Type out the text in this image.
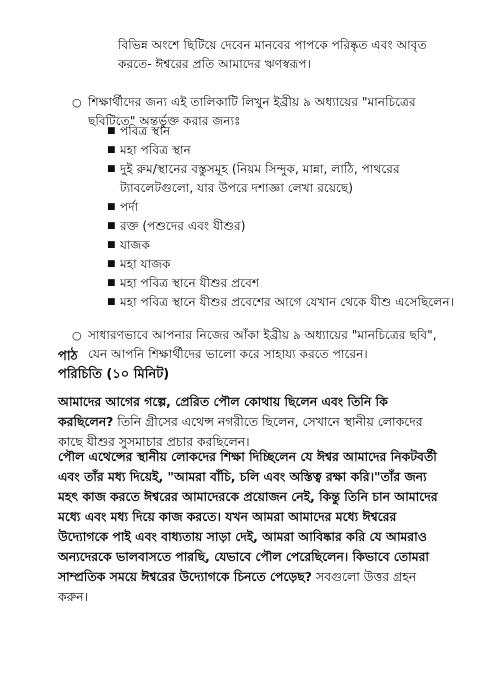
বিভিন্ন অংশে ছিটিয়ে দেবেন মানবের পাপকে পরিষ্কৃত এবং আবৃত করতে- ঈশ্বরের প্রতি আমাদের ঋণস্বরূপ।
○ শিক্ষার্থীদের জন্য এই তালিকাটি লিখুন ইব্রীয় ৯ অধ্যায়ের "মানচিত্রের ছবিটিতে" অন্তর্ভুক্ত করার জন্যঃ
■ পবিত্র স্থান
■ মহা পবিত্র স্থান
■ দুই রুম/স্থানের বস্তুসমূহ (নিয়ম সিন্দুক, মান্না, লাঠি, পাথরের ট্যাবলেটগুলো, যার উপরে দশাজ্ঞা লেখা রয়েছে)
■ পর্দা
■ রক্ত (পশুদের এবং যীশুর)
■ যাজক
■ মহা যাজক
■ মহা পবিত্র স্থানে যীশুর প্রবেশ
■ মহা পবিত্র স্থানে যীশুর প্রবেশের আগে যেখান থেকে যীশু এসেছিলেন।
○ সাধারণভাবে আপনার নিজের আঁকা ইব্রীয় ৯ অধ্যায়ের "মানচিত্রের ছবি", যেন আপনি শিক্ষার্থীদের ভালো করে সাহায্য করতে পারেন।
পাঠ
পরিচিতি (১০ মিনিট)
আমাদের আগের গল্পে, প্রেরিত পৌল কোথায় ছিলেন এবং তিনি কি করছিলেন? তিনি গ্রীসের এথেন্স নগরীতে ছিলেন, সেখানে স্থানীয় লোকদের কাছে যীশুর সুসমাচার প্রচার করছিলেন।
পৌল এথেন্সের স্থানীয় লোকদের শিক্ষা দিচ্ছিলেন যে ঈশ্বর আমাদের নিকটবর্তী এবং তাঁর মধ্য দিয়েই, "আমরা বাঁচি, চলি এবং অস্তিত্ব রক্ষা করি।"তাঁর জন্য মহৎ কাজ করতে ঈশ্বরের আমাদেরকে প্রয়োজন নেই, কিন্তু তিনি চান আমাদের মধ্যে এবং মধ্য দিয়ে কাজ করতে। যখন আমরা আমাদের মধ্যে ঈশ্বরের উদ্যোগকে পাই এবং বাধ্যতায় সাড়া দেই, আমরা আবিষ্কার করি যে আমরাও অন্যদেরকে ভালবাসতে পারছি, যেভাবে পৌল পেরেছিলেন। কিভাবে তোমরা সাম্প্রতিক সময়ে ঈশ্বরের উদ্যোগকে চিনতে পেড়েছ? সবগুলো উত্তর গ্রহন করুন।
